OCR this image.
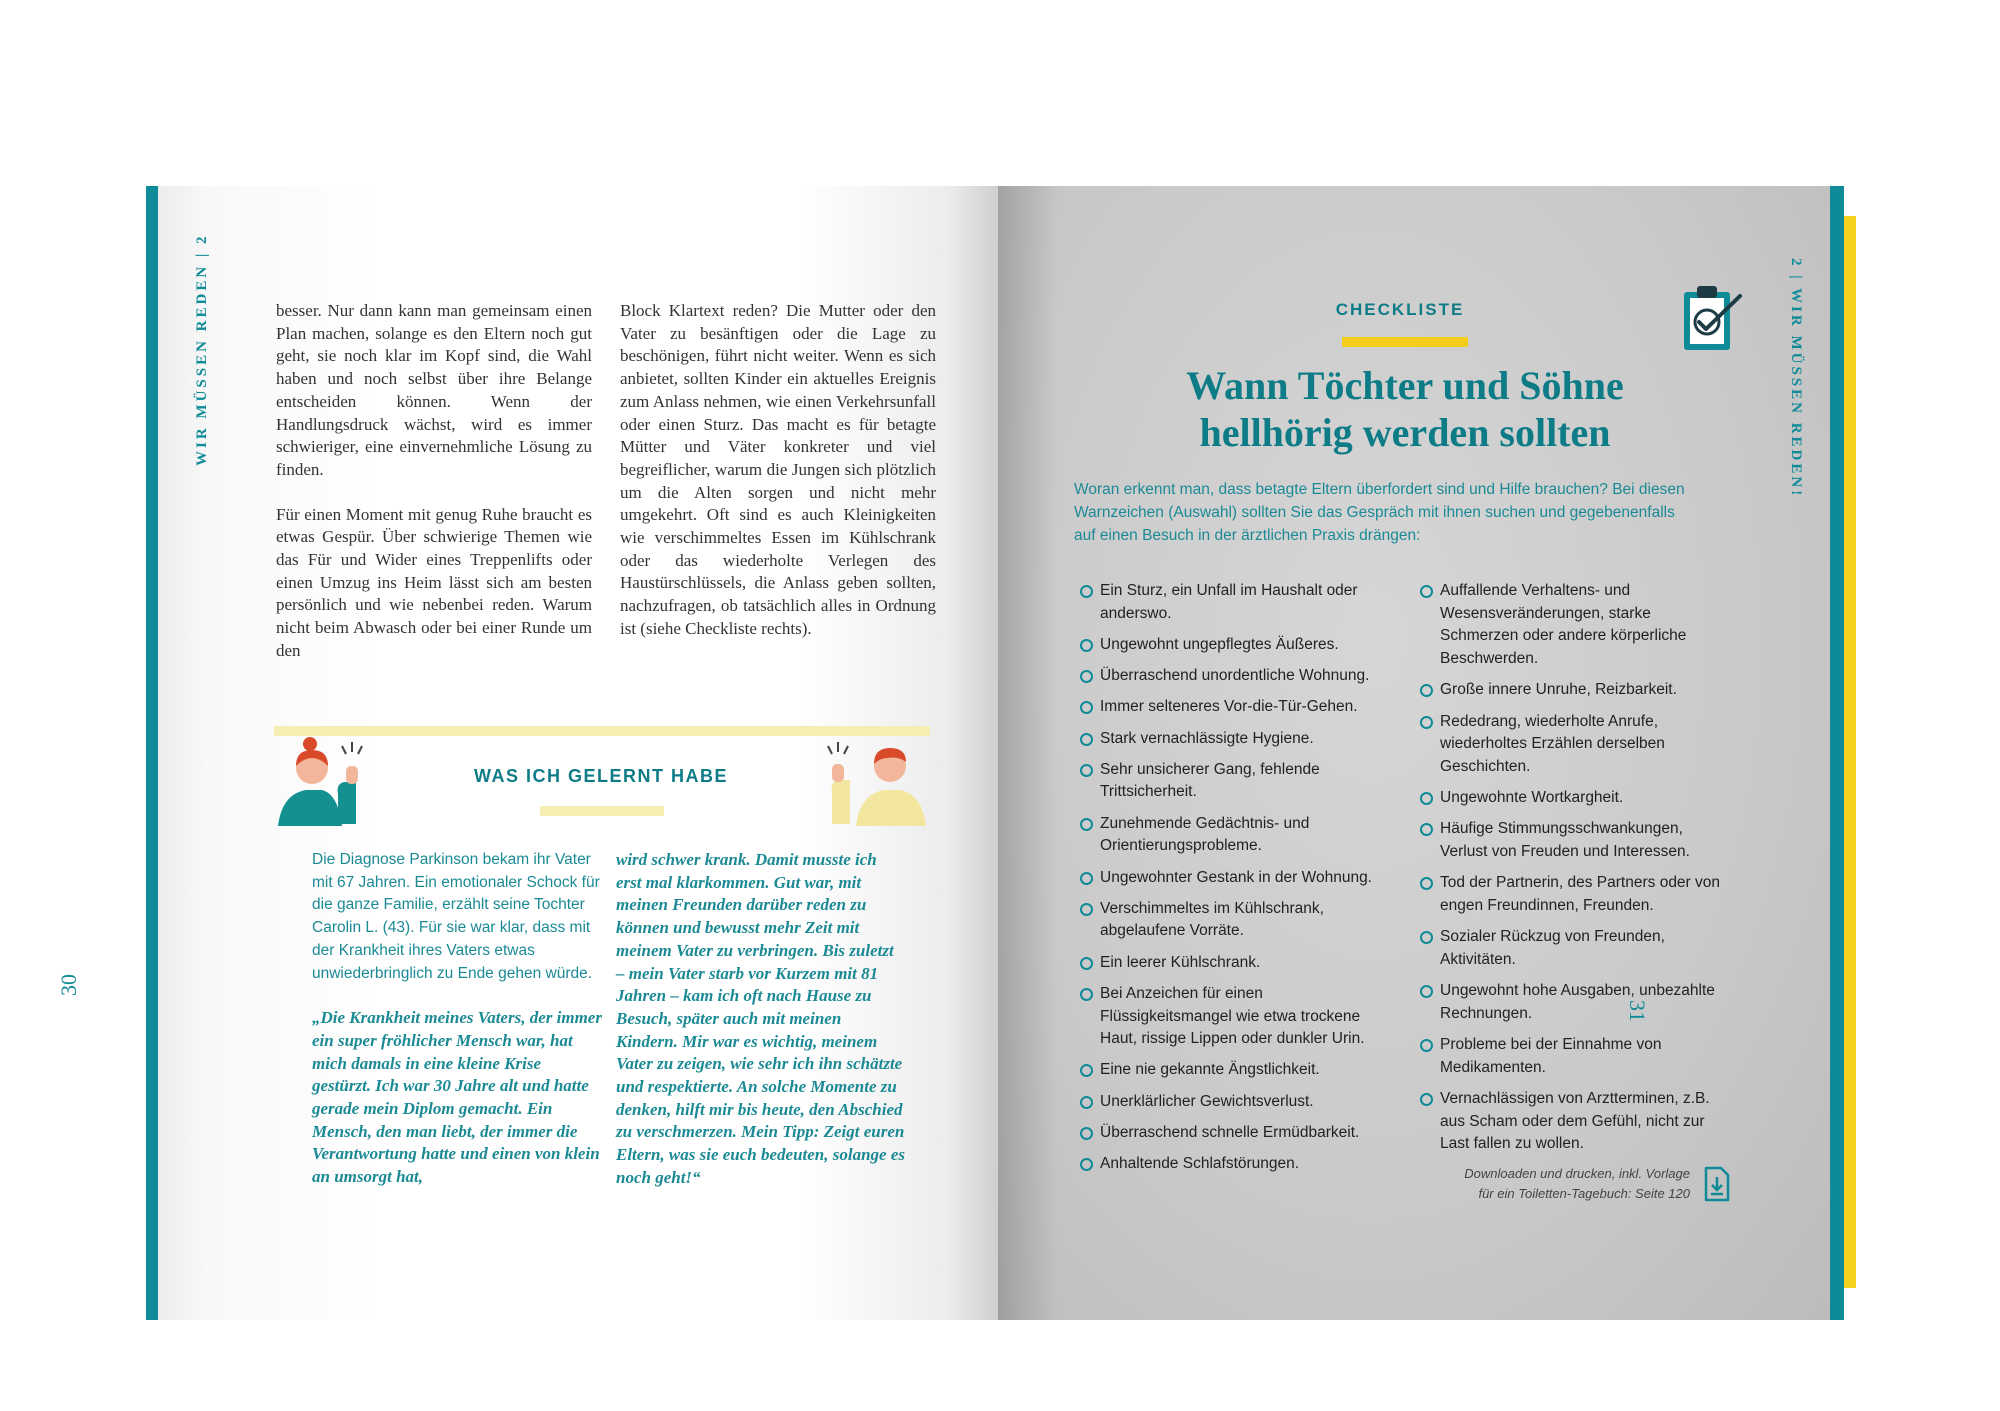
WIR MÜSSEN REDEN | 2	2 | WIR MÜSSEN REDEN!
30
31

besser. Nur dann kann man gemeinsam einen Plan machen, solange es den Eltern noch gut geht, sie noch klar im Kopf sind, die Wahl haben und noch selbst über ihre Belange entscheiden können. Wenn der Handlungsdruck wächst, wird es immer schwieriger, eine einvernehmliche Lösung zu finden.

Für einen Moment mit genug Ruhe braucht es etwas Gespür. Über schwierige Themen wie das Für und Wider eines Treppenlifts oder einen Umzug ins Heim lässt sich am besten persönlich und wie nebenbei reden. Warum nicht beim Abwasch oder bei einer Runde um den

Block Klartext reden? Die Mutter oder den Vater zu besänftigen oder die Lage zu beschönigen, führt nicht weiter. Wenn es sich anbietet, sollten Kinder ein aktuelles Ereignis zum Anlass nehmen, wie einen Verkehrsunfall oder einen Sturz. Das macht es für betagte Mütter und Väter konkreter und viel begreiflicher, warum die Jungen sich plötzlich um die Alten sorgen und nicht mehr umgekehrt. Oft sind es auch Kleinigkeiten wie verschimmeltes Essen im Kühlschrank oder das wiederholte Verlegen des Haustürschlüssels, die Anlass geben sollten, nachzufragen, ob tatsächlich alles in Ordnung ist (siehe Checkliste rechts).

WAS ICH GELERNT HABE

Die Diagnose Parkinson bekam ihr Vater mit 67 Jahren. Ein emotionaler Schock für die ganze Familie, erzählt seine Tochter Carolin L. (43). Für sie war klar, dass mit der Krankheit ihres Vaters etwas unwiederbringlich zu Ende gehen würde.

„Die Krankheit meines Vaters, der immer ein super fröhlicher Mensch war, hat mich damals in eine kleine Krise gestürzt. Ich war 30 Jahre alt und hatte gerade mein Diplom gemacht. Ein Mensch, den man liebt, der immer die Verantwortung hatte und einen von klein an umsorgt hat,

wird schwer krank. Damit musste ich erst mal klarkommen. Gut war, mit meinen Freunden darüber reden zu können und bewusst mehr Zeit mit meinem Vater zu verbringen. Bis zuletzt – mein Vater starb vor Kurzem mit 81 Jahren – kam ich oft nach Hause zu Besuch, später auch mit meinen Kindern. Mir war es wichtig, meinem Vater zu zeigen, wie sehr ich ihn schätzte und respektierte. An solche Momente zu denken, hilft mir bis heute, den Abschied zu verschmerzen. Mein Tipp: Zeigt euren Eltern, was sie euch bedeuten, solange es noch geht!“

CHECKLISTE
Wann Töchter und Söhne hellhörig werden sollten
Woran erkennt man, dass betagte Eltern überfordert sind und Hilfe brauchen? Bei diesen Warnzeichen (Auswahl) sollten Sie das Gespräch mit ihnen suchen und gegebenenfalls auf einen Besuch in der ärztlichen Praxis drängen:
Ein Sturz, ein Unfall im Haushalt oder anderswo.
Ungewohnt ungepflegtes Äußeres.
Überraschend unordentliche Wohnung.
Immer selteneres Vor-die-Tür-Gehen.
Stark vernachlässigte Hygiene.
Sehr unsicherer Gang, fehlende Trittsicherheit.
Zunehmende Gedächtnis- und Orientierungsprobleme.
Ungewohnter Gestank in der Wohnung.
Verschimmeltes im Kühlschrank, abgelaufene Vorräte.
Ein leerer Kühlschrank.
Bei Anzeichen für einen Flüssigkeitsmangel wie etwa trockene Haut, rissige Lippen oder dunkler Urin.
Eine nie gekannte Ängstlichkeit.
Unerklärlicher Gewichtsverlust.
Überraschend schnelle Ermüdbarkeit.
Anhaltende Schlafstörungen.
Auffallende Verhaltens- und Wesensveränderungen, starke Schmerzen oder andere körperliche Beschwerden.
Große innere Unruhe, Reizbarkeit.
Rededrang, wiederholte Anrufe, wiederholtes Erzählen derselben Geschichten.
Ungewohnte Wortkargheit.
Häufige Stimmungsschwankungen, Verlust von Freuden und Interessen.
Tod der Partnerin, des Partners oder von engen Freundinnen, Freunden.
Sozialer Rückzug von Freunden, Aktivitäten.
Ungewohnt hohe Ausgaben, unbezahlte Rechnungen.
Probleme bei der Einnahme von Medikamenten.
Vernachlässigen von Arztterminen, z.B. aus Scham oder dem Gefühl, nicht zur Last fallen zu wollen.
Downloaden und drucken, inkl. Vorlage
für ein Toiletten-Tagebuch: Seite 120
